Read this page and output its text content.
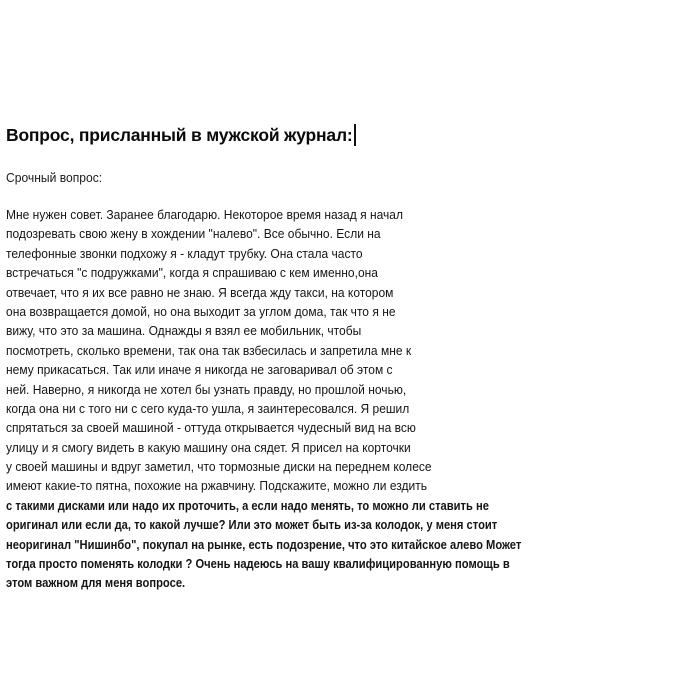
Вопрос, присланный в мужской журнал:
Срочный вопрос:
Мне нужен совет. Заранее благодарю. Некоторое время назад я начал
подозревать свою жену в хождении "налево". Все обычно. Если на
телефонные звонки подхожу я - кладут трубку. Она стала часто
встречаться "с подружками", когда я спрашиваю с кем именно,она
отвечает, что я их все равно не знаю. Я всегда жду такси, на котором
она возвращается домой, но она выходит за углом дома, так что я не
вижу, что это за машина. Однажды я взял ее мобильник, чтобы
посмотреть, сколько времени, так она так взбесилась и запретила мне к
нему прикасаться. Так или иначе я никогда не заговаривал об этом с
ней. Наверно, я никогда не хотел бы узнать правду, но прошлой ночью,
когда она ни с того ни с сего куда-то ушла, я заинтересовался. Я решил
спрятаться за своей машиной - оттуда открывается чудесный вид на всю
улицу и я смогу видеть в какую машину она сядет. Я присел на корточки
у своей машины и вдруг заметил, что тормозные диски на переднем колесе
имеют какие-то пятна, похожие на ржавчину. Подскажите, можно ли ездить
с такими дисками или надо их проточить, а если надо менять, то можно ли ставить не
оригинал или если да, то какой лучше? Или это может быть из-за колодок, у меня стоит
неоригинал "Нишинбо", покупал на рынке, есть подозрение, что это китайское алево Может
тогда просто поменять колодки ? Очень надеюсь на вашу квалифицированную помощь в
этом важном для меня вопросе.
